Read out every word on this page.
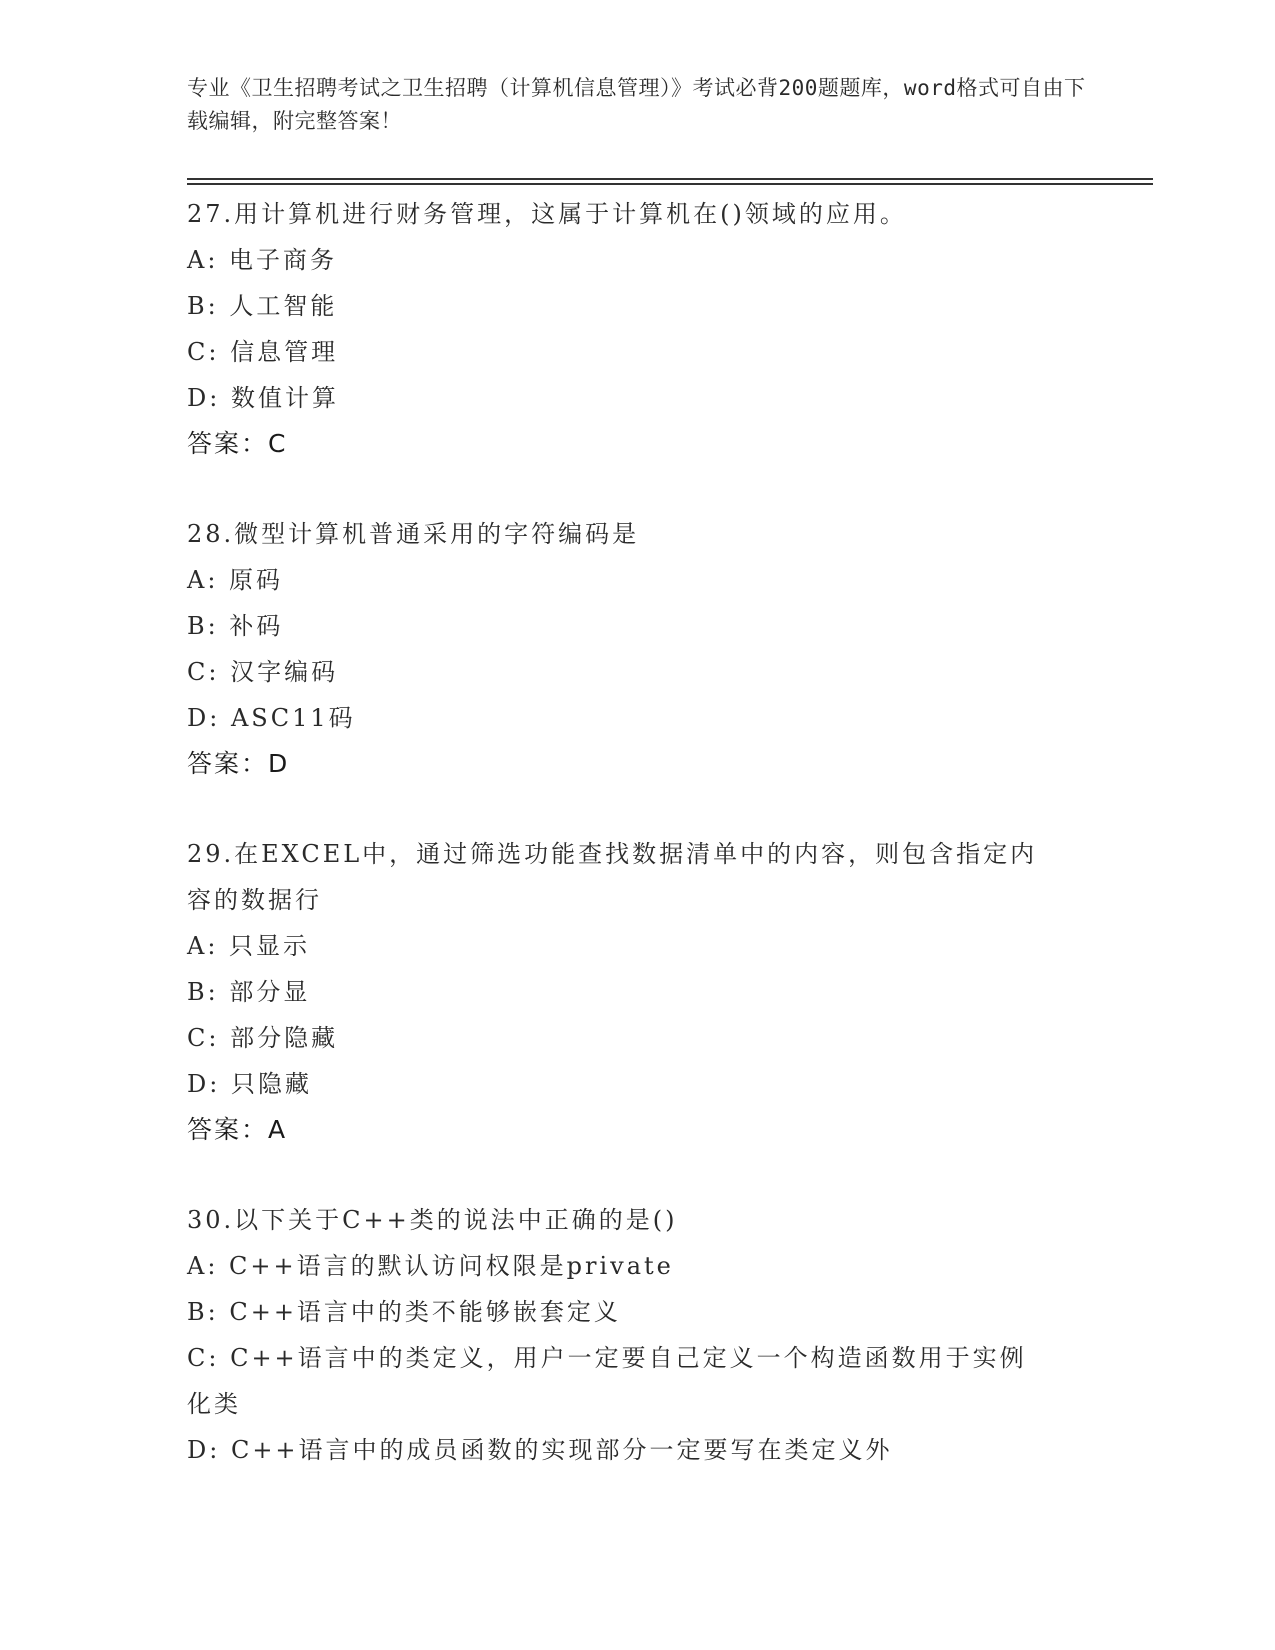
专业《卫生招聘考试之卫生招聘（计算机信息管理）》考试必背200题题库，word格式可自由下载编辑，附完整答案！
27.用计算机进行财务管理，这属于计算机在()领域的应用。
A: 电子商务
B: 人工智能
C: 信息管理
D: 数值计算
答案：C
28.微型计算机普通采用的字符编码是
A: 原码
B: 补码
C: 汉字编码
D: ASC11码
答案：D
29.在EXCEL中，通过筛选功能查找数据清单中的内容，则包含指定内
容的数据行
A: 只显示
B: 部分显
C: 部分隐藏
D: 只隐藏
答案：A
30.以下关于C++类的说法中正确的是()
A: C++语言的默认访问权限是private
B: C++语言中的类不能够嵌套定义
C: C++语言中的类定义，用户一定要自己定义一个构造函数用于实例
化类
D: C++语言中的成员函数的实现部分一定要写在类定义外
